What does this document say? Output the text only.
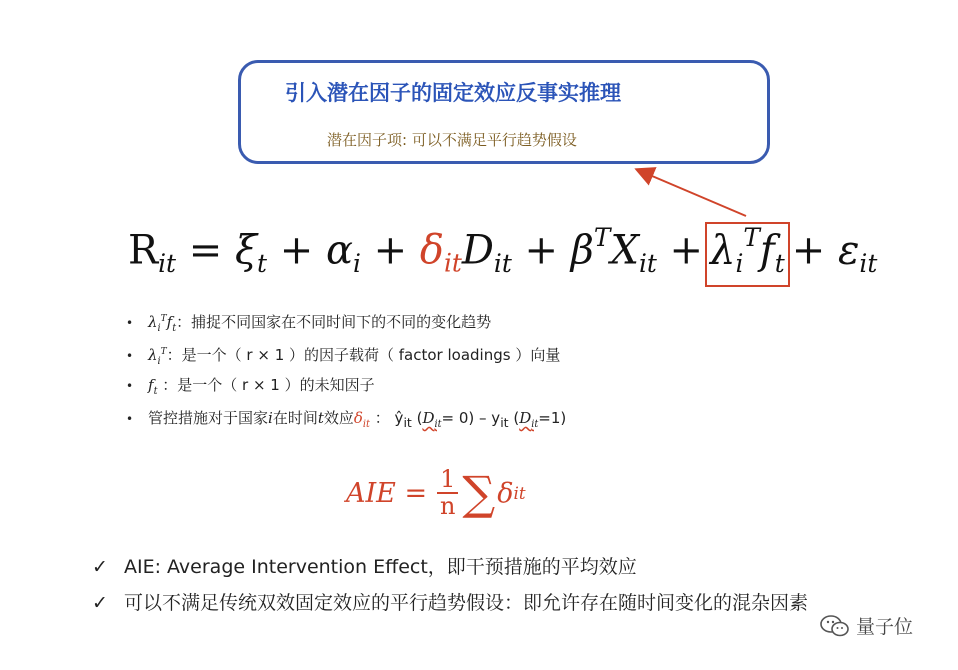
引入潜在因子的固定效应反事实推理
潜在因子项: 可以不满足平行趋势假设
$R_{it} = \xi_t + \alpha_i + \delta_{it}D_{it} + \beta^TX_{it} + \lambda_i^Tf_t + \varepsilon_{it}$
• $\lambda_i^Tf_t$：捕捉不同国家在不同时间下的不同的变化趋势
• $\lambda_i^T$：是一个（ r × 1 ）的因子载荷（ factor loadings ）向量
• $f_t$ ：是一个（ r × 1 ）的未知因子
• 管控措施对于国家i在时间t效应$\delta_{it}$ ： $ŷ_{it}$ $(D_{it}= 0) - y_{it}$ $(D_{it}=1)$
AIE = $\frac{1}{n}$ ∑ δ it
✓ AIE: Average Intervention Effect，即干预措施的平均效应
✓ 可以不满足传统双效固定效应的平行趋势假设：即允许存在随时间变化的混杂因素
量子位
